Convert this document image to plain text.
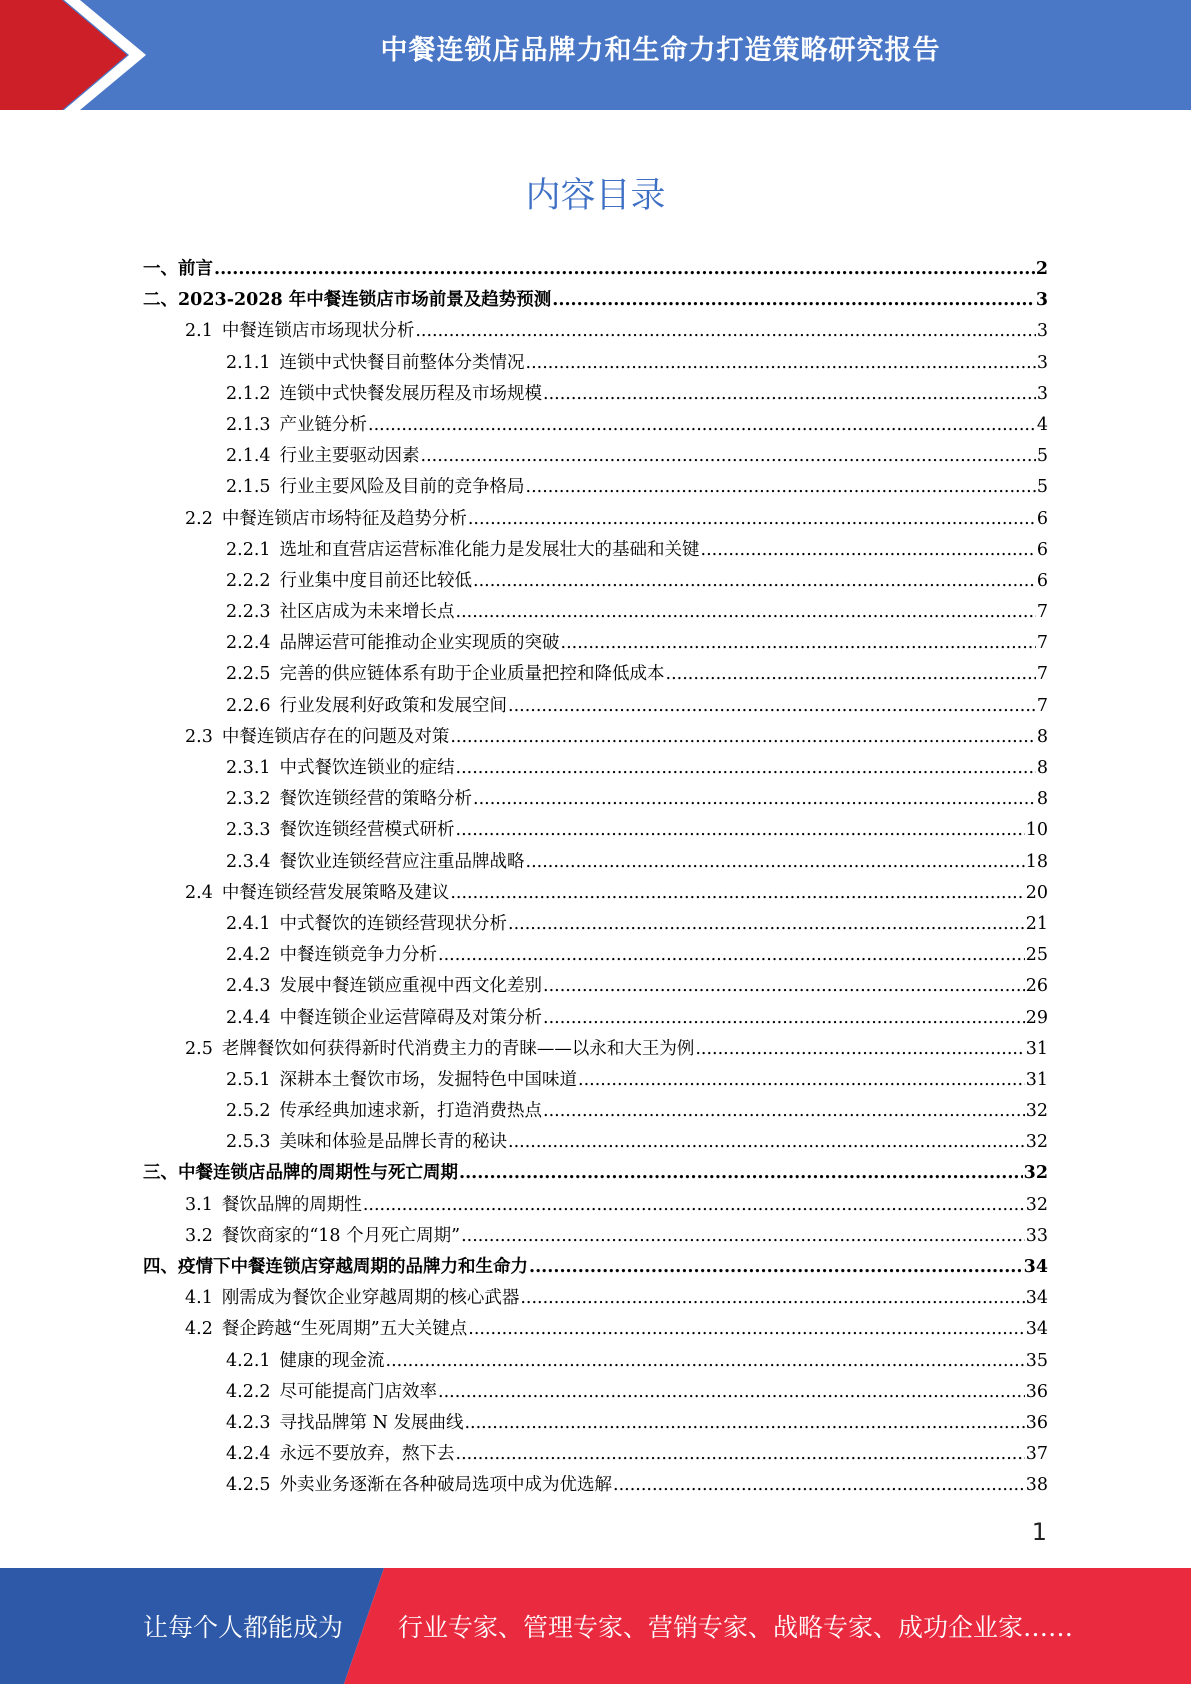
中餐连锁店品牌力和生命力打造策略研究报告
内容目录
一、 前言 .....	2
二、 2023-2028 年中餐连锁店市场前景及趋势预测 .....	3
2.1 中餐连锁店市场现状分析 .....	3
2.1.1 连锁中式快餐目前整体分类情况 .....	3
2.1.2 连锁中式快餐发展历程及市场规模 .....	3
2.1.3 产业链分析 .....	4
2.1.4 行业主要驱动因素 .....	5
2.1.5 行业主要风险及目前的竞争格局 .....	5
2.2 中餐连锁店市场特征及趋势分析 .....	6
2.2.1 选址和直营店运营标准化能力是发展壮大的基础和关键 .....	6
2.2.2 行业集中度目前还比较低 .....	6
2.2.3 社区店成为未来增长点 .....	7
2.2.4 品牌运营可能推动企业实现质的突破 .....	7
2.2.5 完善的供应链体系有助于企业质量把控和降低成本 .....	7
2.2.6 行业发展利好政策和发展空间 .....	7
2.3 中餐连锁店存在的问题及对策 .....	8
2.3.1 中式餐饮连锁业的症结 .....	8
2.3.2 餐饮连锁经营的策略分析 .....	8
2.3.3 餐饮连锁经营模式研析 .....	10
2.3.4 餐饮业连锁经营应注重品牌战略 .....	18
2.4 中餐连锁经营发展策略及建议 .....	20
2.4.1 中式餐饮的连锁经营现状分析 .....	21
2.4.2 中餐连锁竞争力分析 .....	25
2.4.3 发展中餐连锁应重视中西文化差别 .....	26
2.4.4 中餐连锁企业运营障碍及对策分析 .....	29
2.5 老牌餐饮如何获得新时代消费主力的青睐——以永和大王为例 .....	31
2.5.1 深耕本土餐饮市场，发掘特色中国味道 .....	31
2.5.2 传承经典加速求新，打造消费热点 .....	32
2.5.3 美味和体验是品牌长青的秘诀 .....	32
三、 中餐连锁店品牌的周期性与死亡周期 .....	32
3.1 餐饮品牌的周期性 .....	32
3.2 餐饮商家的“18 个月死亡周期” .....	33
四、 疫情下中餐连锁店穿越周期的品牌力和生命力 .....	34
4.1 刚需成为餐饮企业穿越周期的核心武器 .....	34
4.2 餐企跨越“生死周期”五大关键点 .....	34
4.2.1 健康的现金流 .....	35
4.2.2 尽可能提高门店效率 .....	36
4.2.3 寻找品牌第 N 发展曲线 .....	36
4.2.4 永远不要放弃，熬下去 .....	37
4.2.5 外卖业务逐渐在各种破局选项中成为优选解 .....	38
1
让每个人都能成为 行业专家、管理专家、营销专家、战略专家、成功企业家……
